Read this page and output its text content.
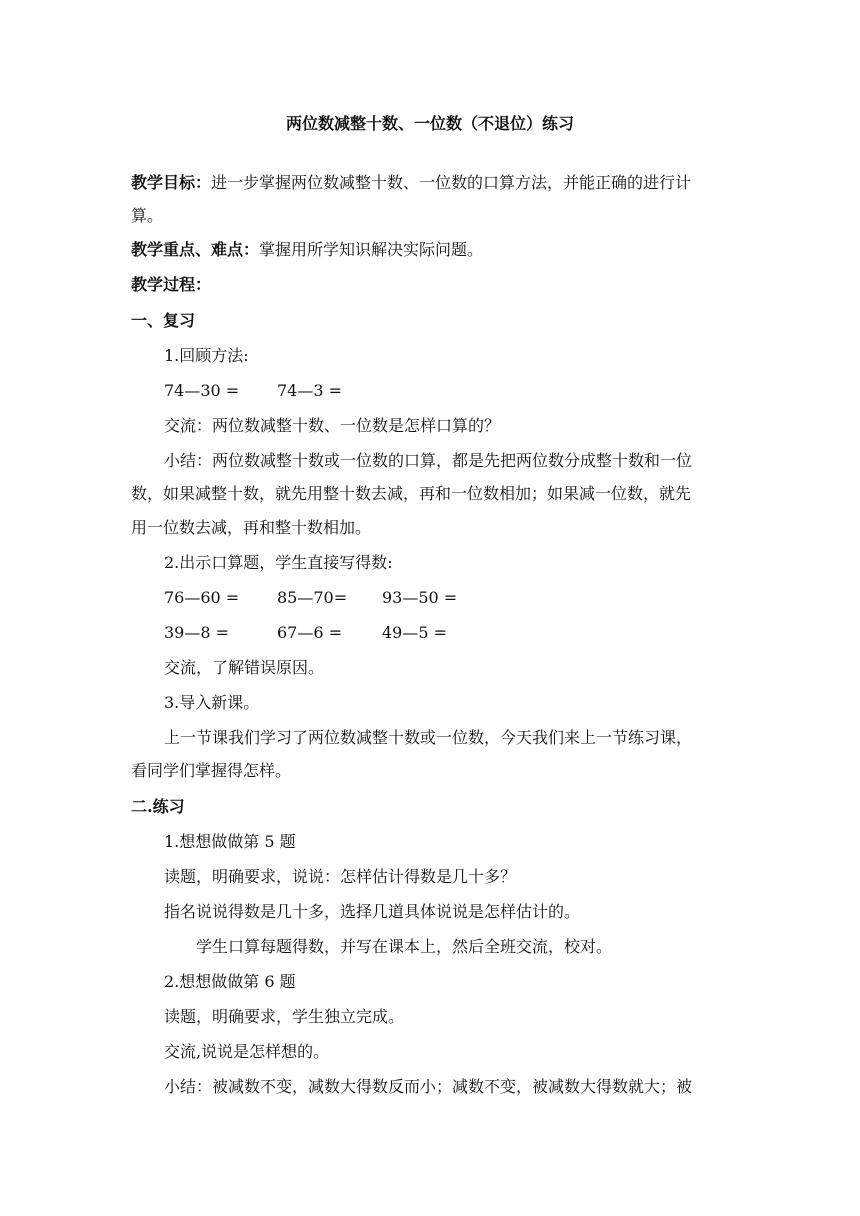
两位数减整十数、一位数（不退位）练习
教学目标：进一步掌握两位数减整十数、一位数的口算方法，并能正确的进行计
算。
教学重点、难点：掌握用所学知识解决实际问题。
教学过程：
一、复习
1.回顾方法:
74—30 = 74—3 =
交流：两位数减整十数、一位数是怎样口算的？
小结：两位数减整十数或一位数的口算，都是先把两位数分成整十数和一位
数，如果减整十数，就先用整十数去减，再和一位数相加；如果减一位数，就先
用一位数去减，再和整十数相加。
2.出示口算题，学生直接写得数:
76—60 = 85—70= 93—50 =
39—8 =	67—6 = 49—5 =
交流，了解错误原因。
3.导入新课。
上一节课我们学习了两位数减整十数或一位数，今天我们来上一节练习课，
看同学们掌握得怎样。
二.练习
1.想想做做第 5 题
读题，明确要求，说说：怎样估计得数是几十多？
指名说说得数是几十多，选择几道具体说说是怎样估计的。
学生口算每题得数，并写在课本上，然后全班交流，校对。
2.想想做做第 6 题
读题，明确要求，学生独立完成。
交流,说说是怎样想的。
小结：被减数不变，减数大得数反而小；减数不变，被减数大得数就大；被
